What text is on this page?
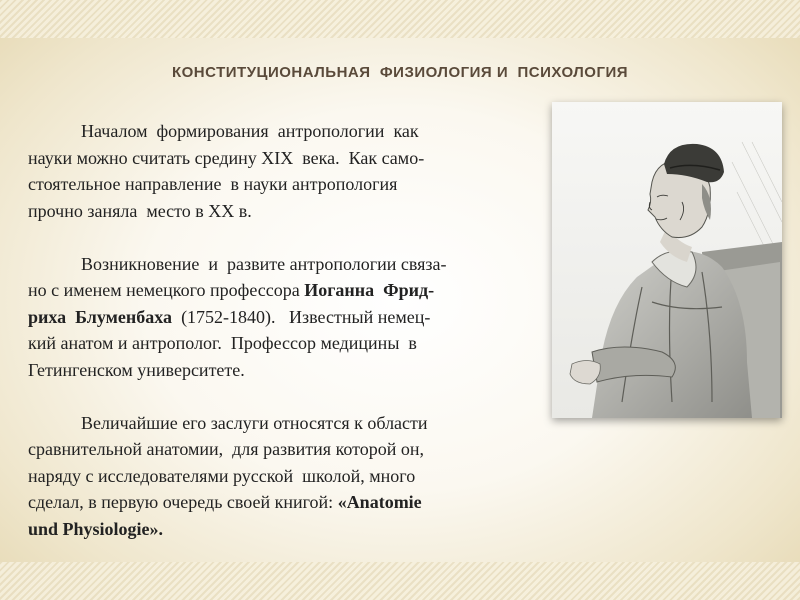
КОНСТИТУЦИОНАЛЬНАЯ  ФИЗИОЛОГИЯ И  ПСИХОЛОГИЯ
Началом  формирования  антропологии  как
науки можно считать средину XIX  века.  Как само-
стоятельное направление  в науки антропология
прочно заняла  место в XX в.
Возникновение  и  развите антропологии связа-
но с именем немецкого профессора Иоганна  Фрид-
риха  Блуменбаха  (1752-1840).   Известный немец-
кий анатом и антрополог.  Профессор медицины  в
Гетингенском университете.
Величайшие его заслуги относятся к области
сравнительной анатомии,  для развития которой он,
наряду с исследователями русской  школой, много
сделал, в первую очередь своей книгой: «Anatomie
und Physiologie».
